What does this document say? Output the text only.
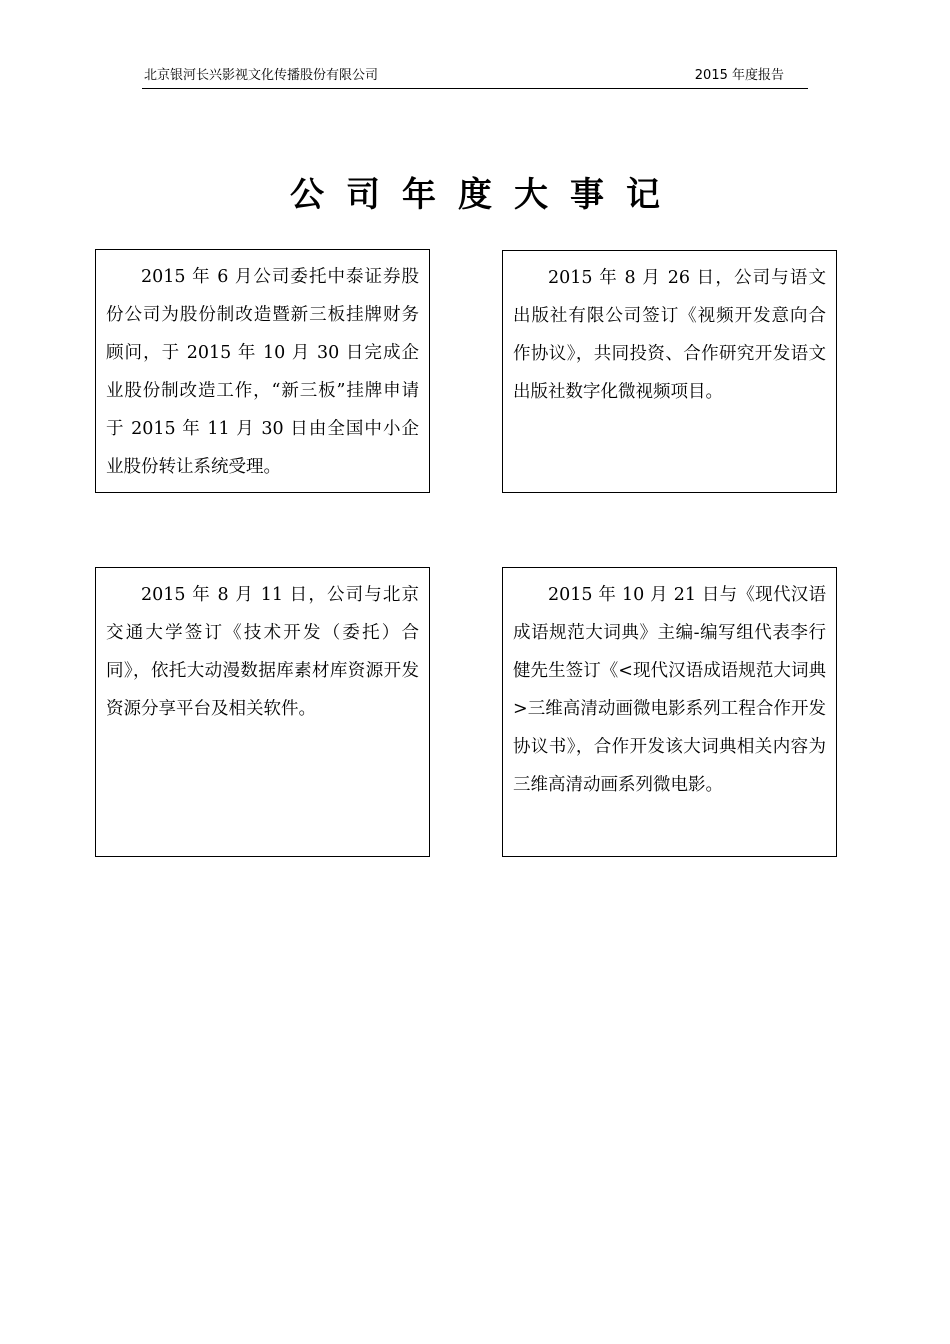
北京银河长兴影视文化传播股份有限公司	2015 年度报告
公司年度大事记
2015 年 6 月公司委托中泰证券股份公司为股份制改造暨新三板挂牌财务顾问，于 2015 年 10 月 30 日完成企业股份制改造工作，“新三板”挂牌申请于 2015 年 11 月 30 日由全国中小企业股份转让系统受理。
2015 年 8 月 26 日，公司与语文出版社有限公司签订《视频开发意向合作协议》，共同投资、合作研究开发语文出版社数字化微视频项目。
2015 年 8 月 11 日，公司与北京交通大学签订《技术开发（委托）合同》，依托大动漫数据库素材库资源开发资源分享平台及相关软件。
2015 年 10 月 21 日与《现代汉语成语规范大词典》主编-编写组代表李行健先生签订《<现代汉语成语规范大词典>三维高清动画微电影系列工程合作开发协议书》，合作开发该大词典相关内容为三维高清动画系列微电影。
